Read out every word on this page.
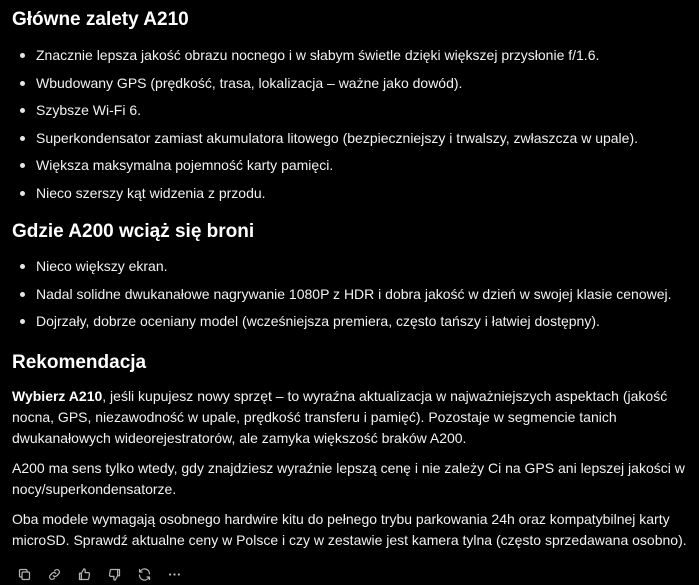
Główne zalety A210
Znacznie lepsza jakość obrazu nocnego i w słabym świetle dzięki większej przysłonie f/1.6.
Wbudowany GPS (prędkość, trasa, lokalizacja – ważne jako dowód).
Szybsze Wi‑Fi 6.
Superkondensator zamiast akumulatora litowego (bezpieczniejszy i trwalszy, zwłaszcza w upale).
Większa maksymalna pojemność karty pamięci.
Nieco szerszy kąt widzenia z przodu.
Gdzie A200 wciąż się broni
Nieco większy ekran.
Nadal solidne dwukanałowe nagrywanie 1080P z HDR i dobra jakość w dzień w swojej klasie cenowej.
Dojrzały, dobrze oceniany model (wcześniejsza premiera, często tańszy i łatwiej dostępny).
Rekomendacja

Wybierz A210, jeśli kupujesz nowy sprzęt – to wyraźna aktualizacja w najważniejszych aspektach (jakość nocna, GPS, niezawodność w upale, prędkość transferu i pamięć). Pozostaje w segmencie tanich dwukanałowych wideorejestratorów, ale zamyka większość braków A200.

A200 ma sens tylko wtedy, gdy znajdziesz wyraźnie lepszą cenę i nie zależy Ci na GPS ani lepszej jakości w nocy/superkondensatorze.

Oba modele wymagają osobnego hardwire kitu do pełnego trybu parkowania 24h oraz kompatybilnej karty microSD. Sprawdź aktualne ceny w Polsce i czy w zestawie jest kamera tylna (często sprzedawana osobno).
